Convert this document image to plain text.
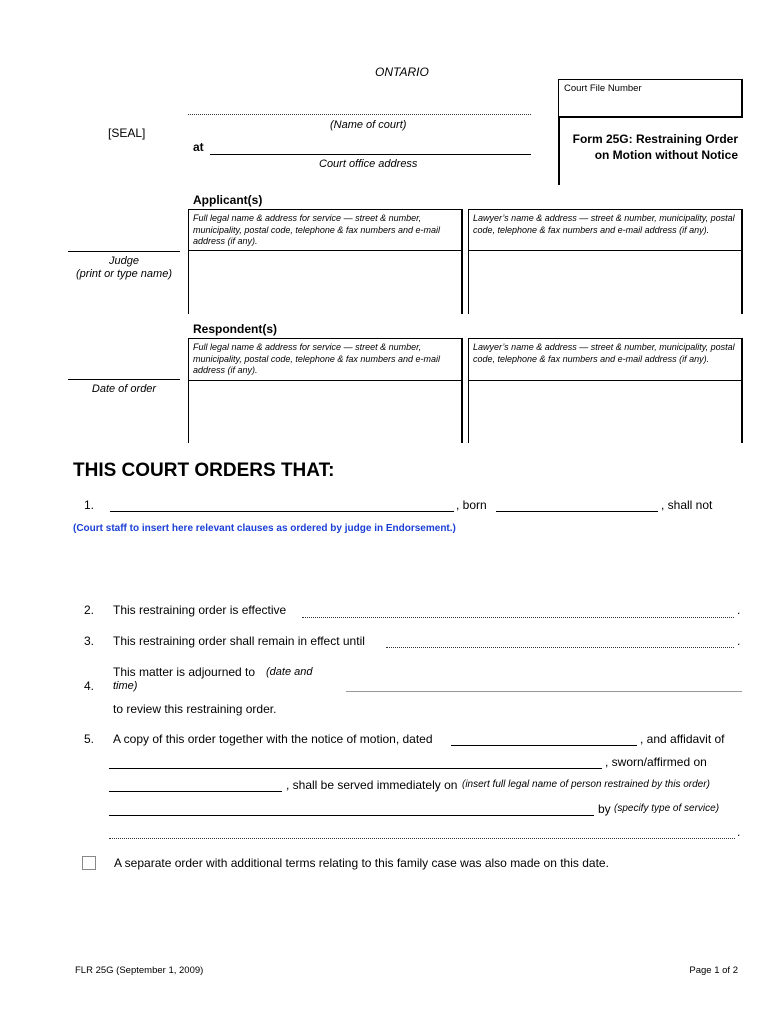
ONTARIO
Court File Number
[SEAL]
(Name of court)
at
Court office address
Form 25G: Restraining Order
on Motion without Notice
Applicant(s)
Full legal name & address for service — street & number, municipality, postal code, telephone & fax numbers and e-mail address (if any).
Lawyer’s name & address — street & number, municipality, postal code, telephone & fax numbers and e-mail address (if any).
Judge
(print or type name)
Respondent(s)
Full legal name & address for service — street & number, municipality, postal code, telephone & fax numbers and e-mail address (if any).
Lawyer’s name & address — street & number, municipality, postal code, telephone & fax numbers and e-mail address (if any).
Date of order
THIS COURT ORDERS THAT:
1.	, born	, shall not
(Court staff to insert here relevant clauses as ordered by judge in Endorsement.)
2. This restraining order is effective	.
3. This restraining order shall remain in effect until	.
4.
This matter is adjourned to (date and
time)
to review this restraining order.
5. A copy of this order together with the notice of motion, dated	, and affidavit of
, sworn/affirmed on
, shall be served immediately on (insert full legal name of person restrained by this order)
by (specify type of service)
.
A separate order with additional terms relating to this family case was also made on this date.
FLR 25G (September 1, 2009)	Page 1 of 2
